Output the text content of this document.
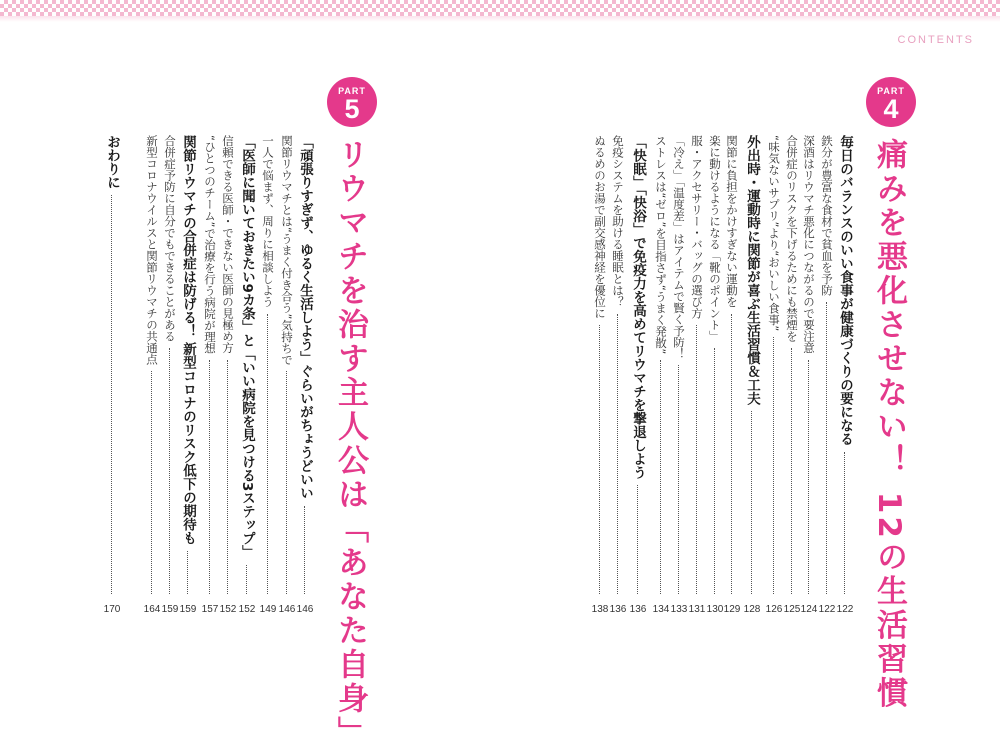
CONTENTS
PART
4
痛みを悪化させない！ 12の生活習慣
毎日のバランスのいい食事が健康づくりの要になる
122
鉄分が豊富な食材で貧血を予防
122
深酒はリウマチ悪化につながるので要注意
124
合併症のリスクを下げるためにも禁煙を
125
“味気ないサプリ”より“おいしい食事”
126
外出時・運動時に関節が喜ぶ生活習慣＆工夫
128
関節に負担をかけすぎない運動を
129
楽に動けるようになる「靴のポイント」
130
服・アクセサリー・バッグの選び方
131
「冷え」「温度差」はアイテムで賢く予防！
133
ストレスは“ゼロ”を目指さず“うまく発散”
134
「快眠」「快浴」で免疫力を高めてリウマチを撃退しよう
136
免疫システムを助ける睡眠とは？
136
ぬるめのお湯で副交感神経を優位に
138
PART
5
リウマチを治す主人公は「あなた自身」
「頑張りすぎず、ゆるく生活しよう」ぐらいがちょうどいい
146
関節リウマチとは“うまく付き合う”気持ちで
146
一人で悩まず、周りに相談しよう
149
「医師に聞いておきたい9カ条」と「いい病院を見つける3ステップ」
152
信頼できる医師・できない医師の見極め方
152
“ひとつのチーム”で治療を行う病院が理想
157
関節リウマチの合併症は防げる！ 新型コロナのリスク低下の期待も
159
合併症予防に自分でもできることがある
159
新型コロナウイルスと関節リウマチの共通点
164
おわりに
170
